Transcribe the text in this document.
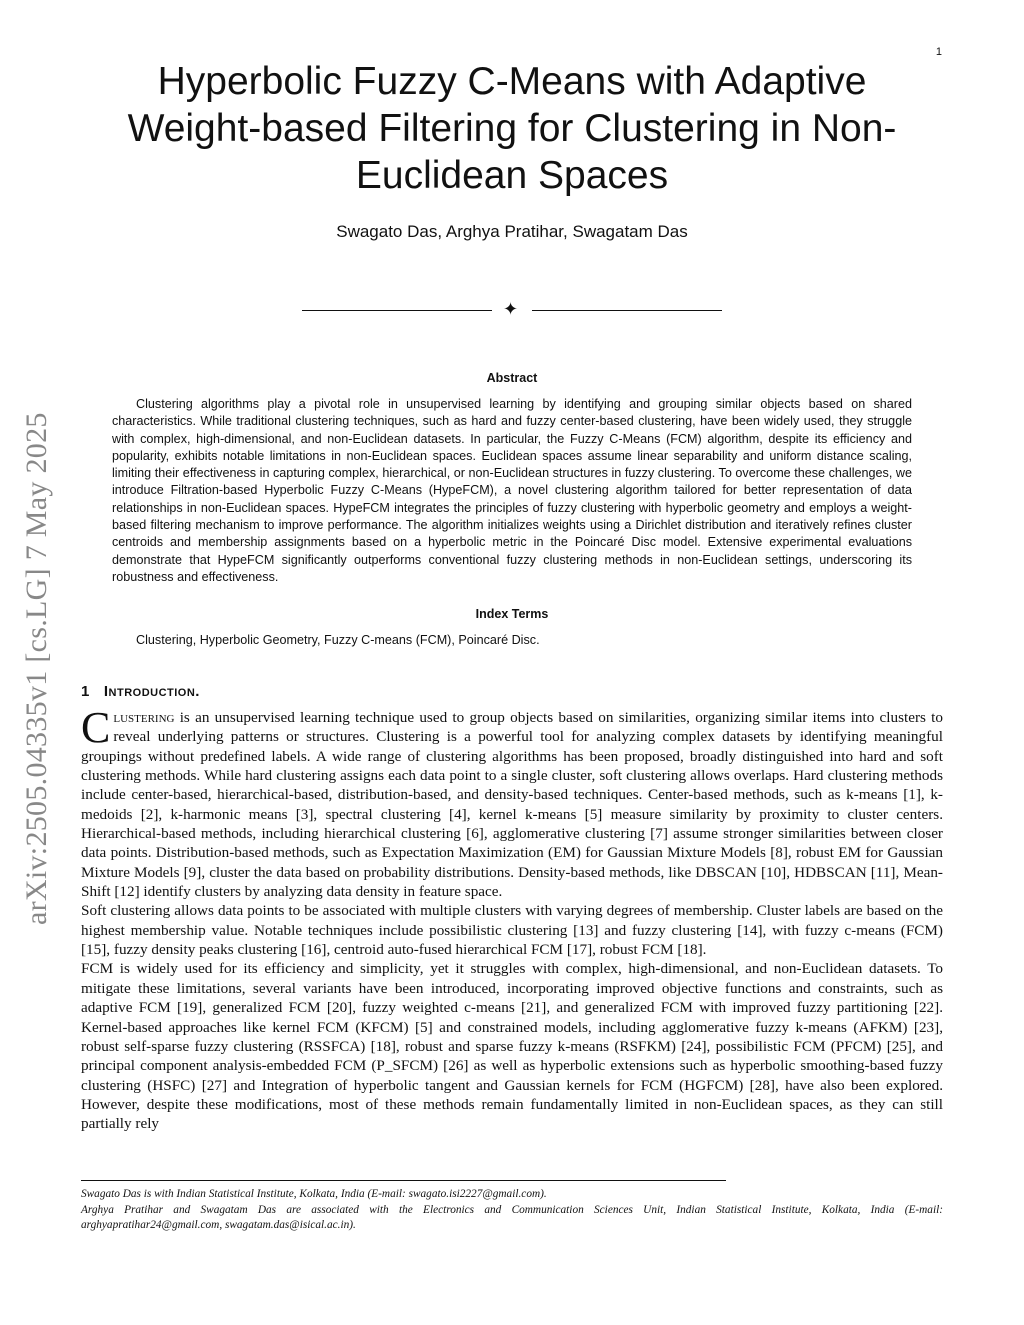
arXiv:2505.04335v1 [cs.LG] 7 May 2025
1
Hyperbolic Fuzzy C-Means with Adaptive Weight-based Filtering for Clustering in Non-Euclidean Spaces
Swagato Das, Arghya Pratihar, Swagatam Das
✦
Abstract
Clustering algorithms play a pivotal role in unsupervised learning by identifying and grouping similar objects based on shared characteristics. While traditional clustering techniques, such as hard and fuzzy center-based clustering, have been widely used, they struggle with complex, high-dimensional, and non-Euclidean datasets. In particular, the Fuzzy C-Means (FCM) algorithm, despite its efficiency and popularity, exhibits notable limitations in non-Euclidean spaces. Euclidean spaces assume linear separability and uniform distance scaling, limiting their effectiveness in capturing complex, hierarchical, or non-Euclidean structures in fuzzy clustering. To overcome these challenges, we introduce Filtration-based Hyperbolic Fuzzy C-Means (HypeFCM), a novel clustering algorithm tailored for better representation of data relationships in non-Euclidean spaces. HypeFCM integrates the principles of fuzzy clustering with hyperbolic geometry and employs a weight-based filtering mechanism to improve performance. The algorithm initializes weights using a Dirichlet distribution and iteratively refines cluster centroids and membership assignments based on a hyperbolic metric in the Poincaré Disc model. Extensive experimental evaluations demonstrate that HypeFCM significantly outperforms conventional fuzzy clustering methods in non-Euclidean settings, underscoring its robustness and effectiveness.
Index Terms
Clustering, Hyperbolic Geometry, Fuzzy C-means (FCM), Poincaré Disc.
1 Introduction.

Clustering is an unsupervised learning technique used to group objects based on similarities, organizing similar items into clusters to reveal underlying patterns or structures. Clustering is a powerful tool for analyzing complex datasets by identifying meaningful groupings without predefined labels. A wide range of clustering algorithms has been proposed, broadly distinguished into hard and soft clustering methods. While hard clustering assigns each data point to a single cluster, soft clustering allows overlaps. Hard clustering methods include center-based, hierarchical-based, distribution-based, and density-based techniques. Center-based methods, such as k-means [1], k-medoids [2], k-harmonic means [3], spectral clustering [4], kernel k-means [5] measure similarity by proximity to cluster centers. Hierarchical-based methods, including hierarchical clustering [6], agglomerative clustering [7] assume stronger similarities between closer data points. Distribution-based methods, such as Expectation Maximization (EM) for Gaussian Mixture Models [8], robust EM for Gaussian Mixture Models [9], cluster the data based on probability distributions. Density-based methods, like DBSCAN [10], HDBSCAN [11], Mean-Shift [12] identify clusters by analyzing data density in feature space.

Soft clustering allows data points to be associated with multiple clusters with varying degrees of membership. Cluster labels are based on the highest membership value. Notable techniques include possibilistic clustering [13] and fuzzy clustering [14], with fuzzy c-means (FCM) [15], fuzzy density peaks clustering [16], centroid auto-fused hierarchical FCM [17], robust FCM [18].

FCM is widely used for its efficiency and simplicity, yet it struggles with complex, high-dimensional, and non-Euclidean datasets. To mitigate these limitations, several variants have been introduced, incorporating improved objective functions and constraints, such as adaptive FCM [19], generalized FCM [20], fuzzy weighted c-means [21], and generalized FCM with improved fuzzy partitioning [22]. Kernel-based approaches like kernel FCM (KFCM) [5] and constrained models, including agglomerative fuzzy k-means (AFKM) [23], robust self-sparse fuzzy clustering (RSSFCA) [18], robust and sparse fuzzy k-means (RSFKM) [24], possibilistic FCM (PFCM) [25], and principal component analysis-embedded FCM (P_SFCM) [26] as well as hyperbolic extensions such as hyperbolic smoothing-based fuzzy clustering (HSFC) [27] and Integration of hyperbolic tangent and Gaussian kernels for FCM (HGFCM) [28], have also been explored. However, despite these modifications, most of these methods remain fundamentally limited in non-Euclidean spaces, as they can still partially rely

Swagato Das is with Indian Statistical Institute, Kolkata, India (E-mail: swagato.isi2227@gmail.com).

Arghya Pratihar and Swagatam Das are associated with the Electronics and Communication Sciences Unit, Indian Statistical Institute, Kolkata, India (E-mail: arghyapratihar24@gmail.com, swagatam.das@isical.ac.in).
